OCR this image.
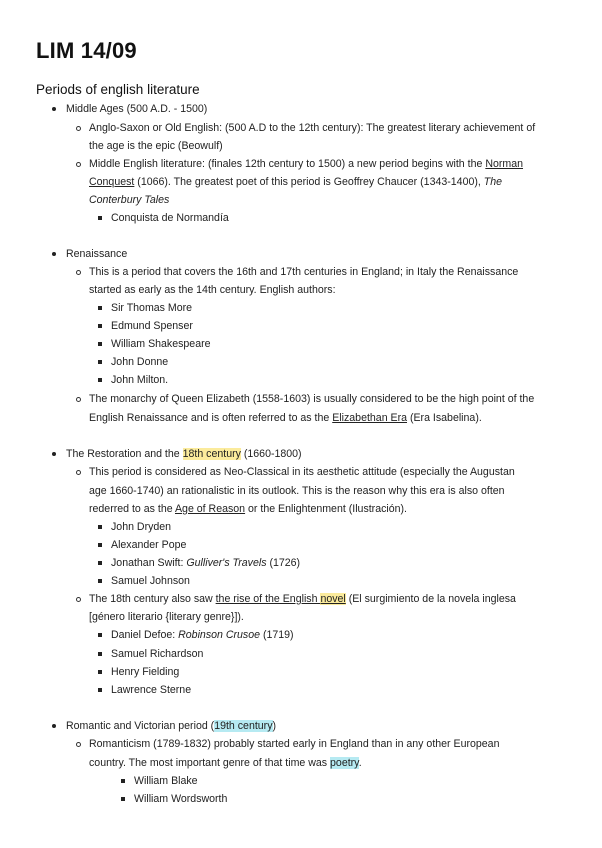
LIM 14/09
Periods of english literature
Middle Ages (500 A.D. - 1500)
Anglo-Saxon or Old English: (500 A.D to the 12th century): The greatest literary achievement of
the age is the epic (Beowulf)
Middle English literature: (finales 12th century to 1500) a new period begins with the Norman
Conquest (1066). The greatest poet of this period is Geoffrey Chaucer (1343-1400), The
Conterbury Tales
Conquista de Normandía
Renaissance
This is a period that covers the 16th and 17th centuries in England; in Italy the Renaissance
started as early as the 14th century. English authors:
Sir Thomas More
Edmund Spenser
William Shakespeare
John Donne
John Milton.
The monarchy of Queen Elizabeth (1558-1603) is usually considered to be the high point of the
English Renaissance and is often referred to as the Elizabethan Era (Era Isabelina).
The Restoration and the 18th century (1660-1800)
This period is considered as Neo-Classical in its aesthetic attitude (especially the Augustan
age 1660-1740) an rationalistic in its outlook. This is the reason why this era is also often
rederred to as the Age of Reason or the Enlightenment (Ilustración).
John Dryden
Alexander Pope
Jonathan Swift: Gulliver's Travels (1726)
Samuel Johnson
The 18th century also saw the rise of the English novel (El surgimiento de la novela inglesa
[género literario {literary genre}]).
Daniel Defoe: Robinson Crusoe (1719)
Samuel Richardson
Henry Fielding
Lawrence Sterne
Romantic and Victorian period (19th century)
Romanticism (1789-1832) probably started early in England than in any other European
country. The most important genre of that time was poetry.
William Blake
William Wordsworth
